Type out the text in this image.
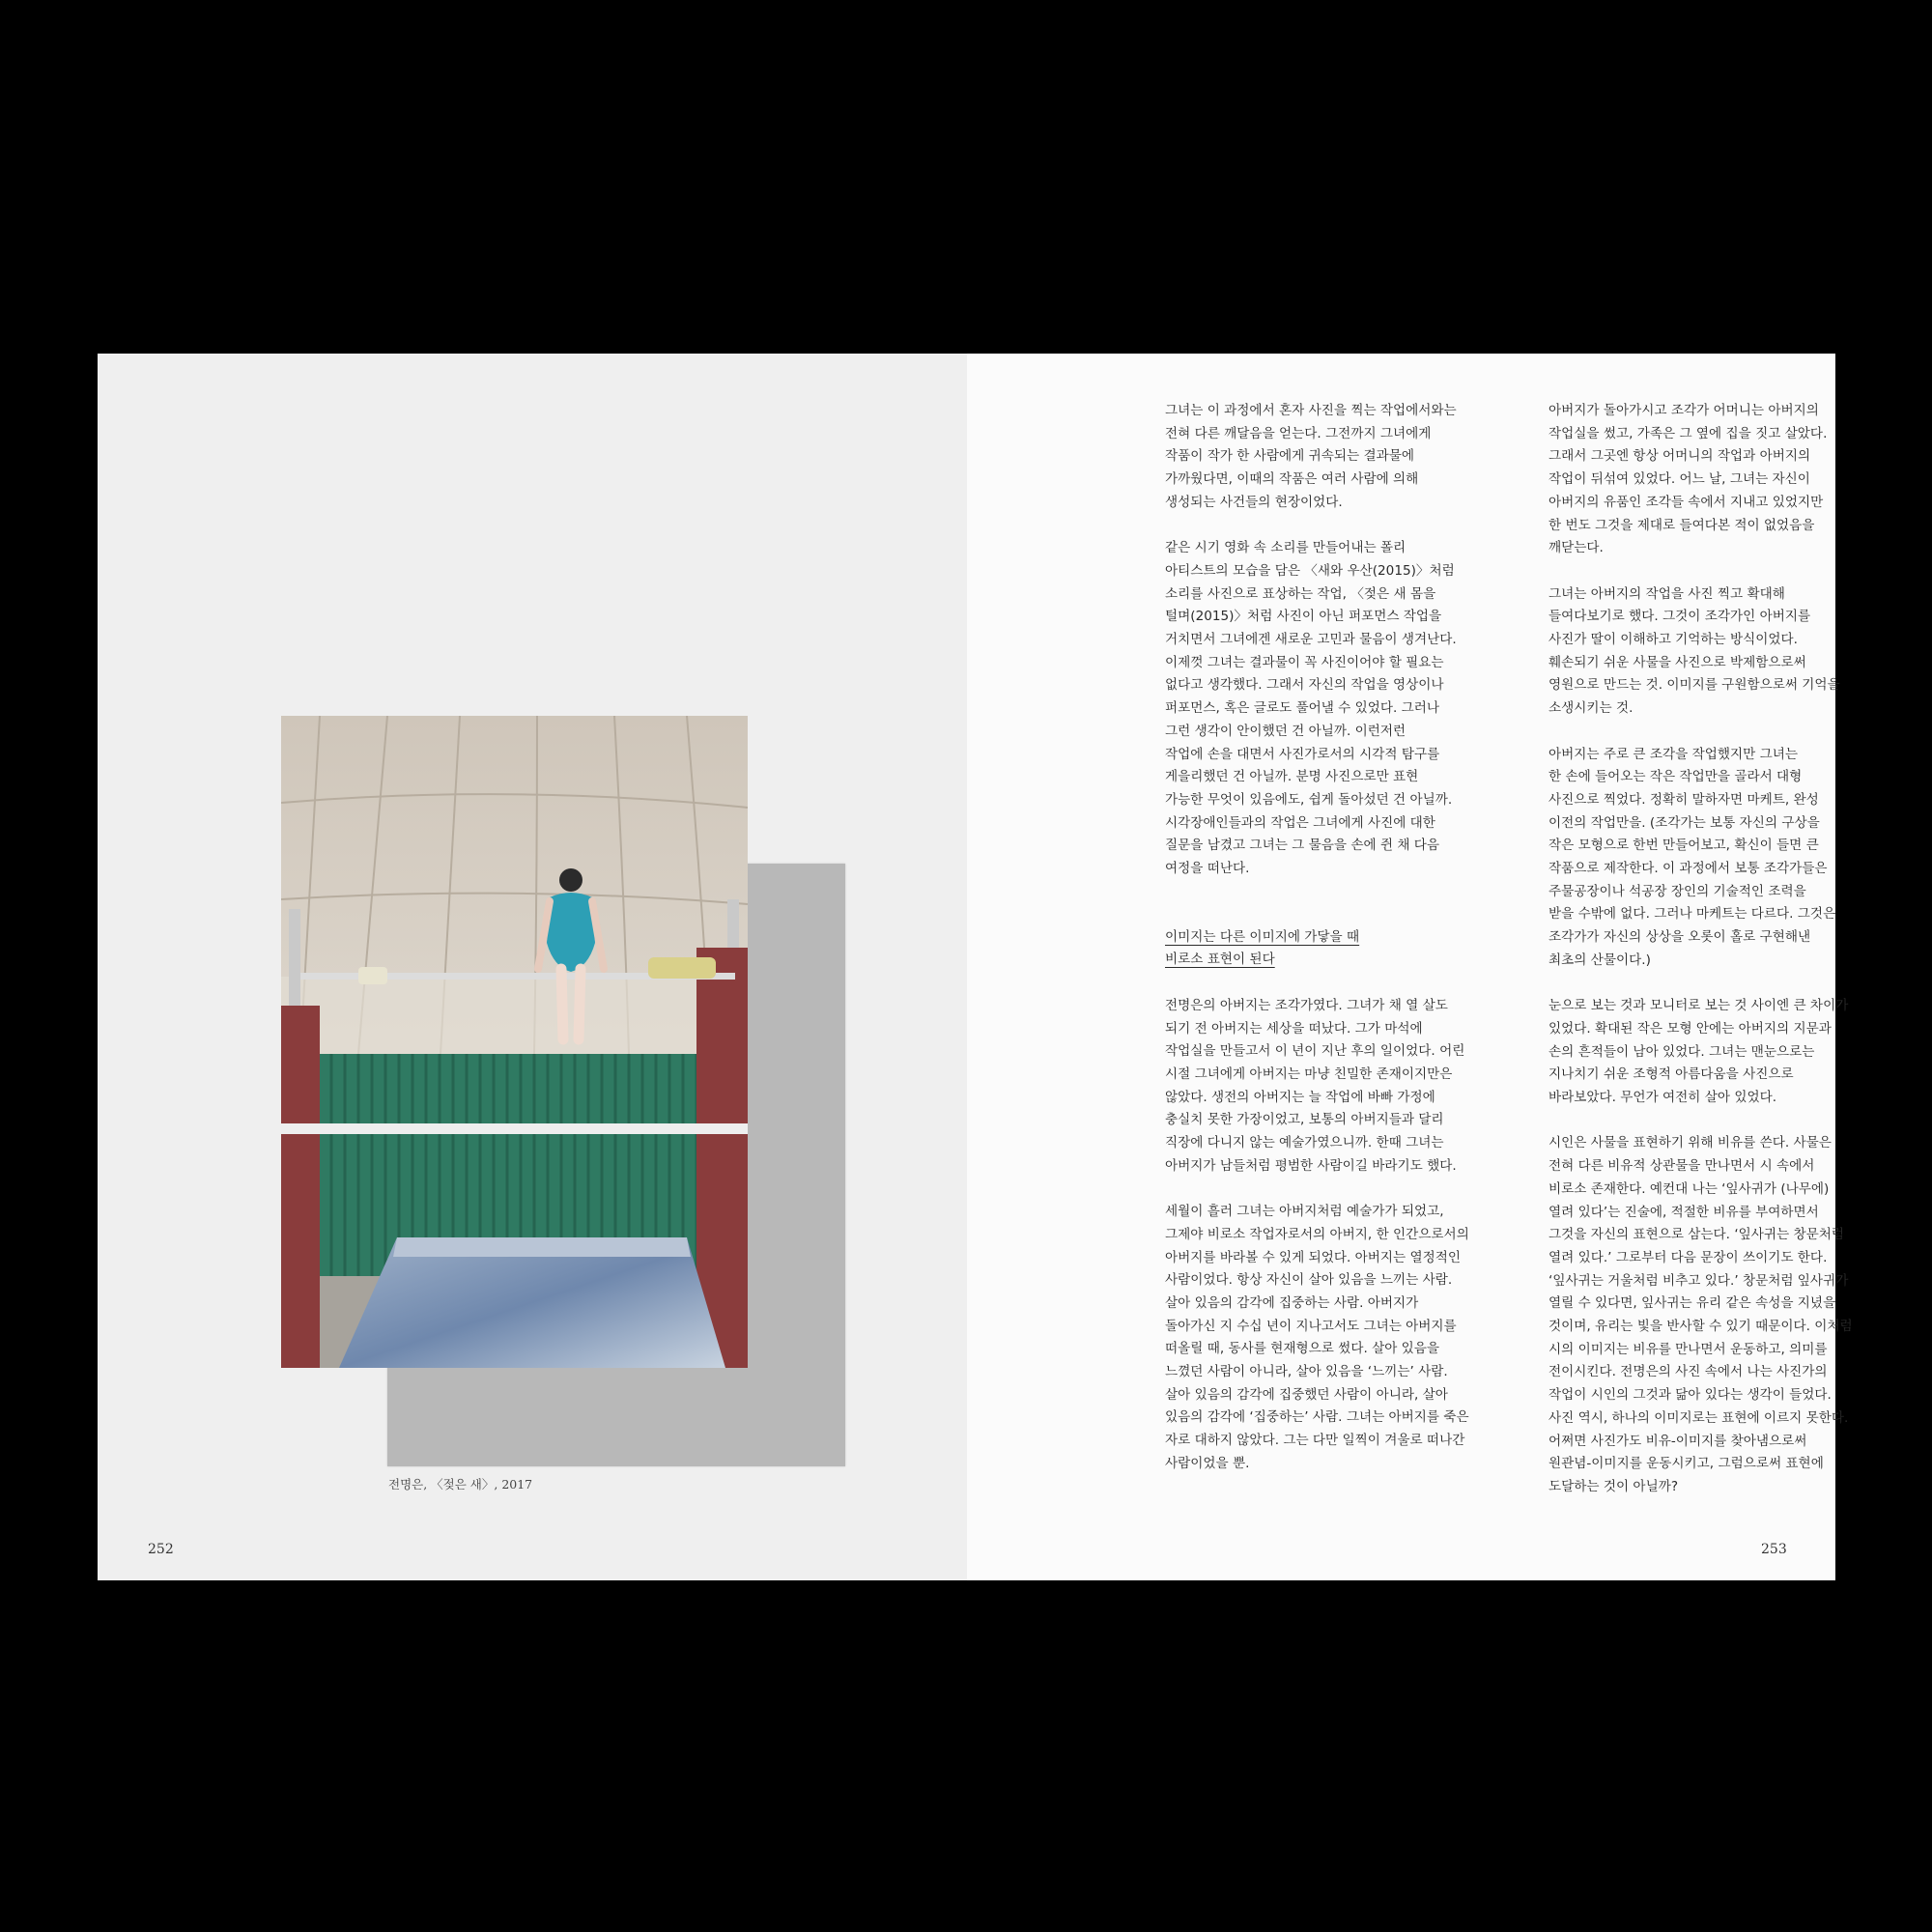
전명은, 〈젖은 새〉, 2017
252

그녀는 이 과정에서 혼자 사진을 찍는 작업에서와는
전혀 다른 깨달음을 얻는다. 그전까지 그녀에게
작품이 작가 한 사람에게 귀속되는 결과물에
가까웠다면, 이때의 작품은 여러 사람에 의해
생성되는 사건들의 현장이었다.

같은 시기 영화 속 소리를 만들어내는 폴리
아티스트의 모습을 담은 〈새와 우산(2015)〉처럼
소리를 사진으로 표상하는 작업, 〈젖은 새 몸을
털며(2015)〉처럼 사진이 아닌 퍼포먼스 작업을
거치면서 그녀에겐 새로운 고민과 물음이 생겨난다.
이제껏 그녀는 결과물이 꼭 사진이어야 할 필요는
없다고 생각했다. 그래서 자신의 작업을 영상이나
퍼포먼스, 혹은 글로도 풀어낼 수 있었다. 그러나
그런 생각이 안이했던 건 아닐까. 이런저런
작업에 손을 대면서 사진가로서의 시각적 탐구를
게을리했던 건 아닐까. 분명 사진으로만 표현
가능한 무엇이 있음에도, 쉽게 돌아섰던 건 아닐까.
시각장애인들과의 작업은 그녀에게 사진에 대한
질문을 남겼고 그녀는 그 물음을 손에 쥔 채 다음
여정을 떠난다.

이미지는 다른 이미지에 가닿을 때
비로소 표현이 된다

전명은의 아버지는 조각가였다. 그녀가 채 열 살도
되기 전 아버지는 세상을 떠났다. 그가 마석에
작업실을 만들고서 이 년이 지난 후의 일이었다. 어린
시절 그녀에게 아버지는 마냥 친밀한 존재이지만은
않았다. 생전의 아버지는 늘 작업에 바빠 가정에
충실치 못한 가장이었고, 보통의 아버지들과 달리
직장에 다니지 않는 예술가였으니까. 한때 그녀는
아버지가 남들처럼 평범한 사람이길 바라기도 했다.

세월이 흘러 그녀는 아버지처럼 예술가가 되었고,
그제야 비로소 작업자로서의 아버지, 한 인간으로서의
아버지를 바라볼 수 있게 되었다. 아버지는 열정적인
사람이었다. 항상 자신이 살아 있음을 느끼는 사람.
살아 있음의 감각에 집중하는 사람. 아버지가
돌아가신 지 수십 년이 지나고서도 그녀는 아버지를
떠올릴 때, 동사를 현재형으로 썼다. 살아 있음을
느꼈던 사람이 아니라, 살아 있음을 ‘느끼는’ 사람.
살아 있음의 감각에 집중했던 사람이 아니라, 살아
있음의 감각에 ‘집중하는’ 사람. 그녀는 아버지를 죽은
자로 대하지 않았다. 그는 다만 일찍이 겨울로 떠나간
사람이었을 뿐.

아버지가 돌아가시고 조각가 어머니는 아버지의
작업실을 썼고, 가족은 그 옆에 집을 짓고 살았다.
그래서 그곳엔 항상 어머니의 작업과 아버지의
작업이 뒤섞여 있었다. 어느 날, 그녀는 자신이
아버지의 유품인 조각들 속에서 지내고 있었지만
한 번도 그것을 제대로 들여다본 적이 없었음을
깨닫는다.

그녀는 아버지의 작업을 사진 찍고 확대해
들여다보기로 했다. 그것이 조각가인 아버지를
사진가 딸이 이해하고 기억하는 방식이었다.
훼손되기 쉬운 사물을 사진으로 박제함으로써
영원으로 만드는 것. 이미지를 구원함으로써 기억을
소생시키는 것.

아버지는 주로 큰 조각을 작업했지만 그녀는
한 손에 들어오는 작은 작업만을 골라서 대형
사진으로 찍었다. 정확히 말하자면 마케트, 완성
이전의 작업만을. (조각가는 보통 자신의 구상을
작은 모형으로 한번 만들어보고, 확신이 들면 큰
작품으로 제작한다. 이 과정에서 보통 조각가들은
주물공장이나 석공장 장인의 기술적인 조력을
받을 수밖에 없다. 그러나 마케트는 다르다. 그것은
조각가가 자신의 상상을 오롯이 홀로 구현해낸
최초의 산물이다.)

눈으로 보는 것과 모니터로 보는 것 사이엔 큰 차이가
있었다. 확대된 작은 모형 안에는 아버지의 지문과
손의 흔적들이 남아 있었다. 그녀는 맨눈으로는
지나치기 쉬운 조형적 아름다움을 사진으로
바라보았다. 무언가 여전히 살아 있었다.

시인은 사물을 표현하기 위해 비유를 쓴다. 사물은
전혀 다른 비유적 상관물을 만나면서 시 속에서
비로소 존재한다. 예컨대 나는 ‘잎사귀가 (나무에)
열려 있다’는 진술에, 적절한 비유를 부여하면서
그것을 자신의 표현으로 삼는다. ‘잎사귀는 창문처럼
열려 있다.’ 그로부터 다음 문장이 쓰이기도 한다.
‘잎사귀는 거울처럼 비추고 있다.’ 창문처럼 잎사귀가
열릴 수 있다면, 잎사귀는 유리 같은 속성을 지녔을
것이며, 유리는 빛을 반사할 수 있기 때문이다. 이처럼
시의 이미지는 비유를 만나면서 운동하고, 의미를
전이시킨다. 전명은의 사진 속에서 나는 사진가의
작업이 시인의 그것과 닮아 있다는 생각이 들었다.
사진 역시, 하나의 이미지로는 표현에 이르지 못한다.
어쩌면 사진가도 비유-이미지를 찾아냄으로써
원관념-이미지를 운동시키고, 그럼으로써 표현에
도달하는 것이 아닐까?

253
